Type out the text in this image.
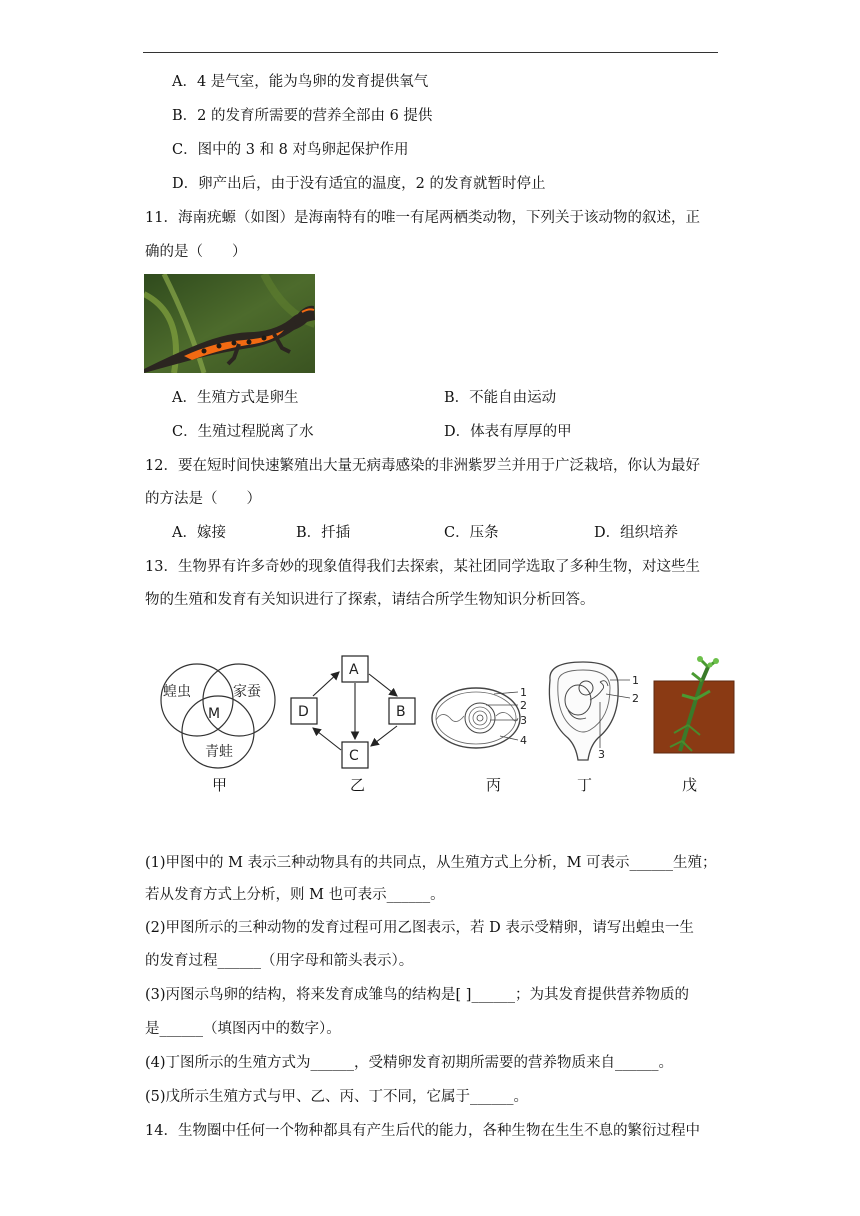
A．4 是气室，能为鸟卵的发育提供氧气
B．2 的发育所需要的营养全部由 6 提供
C．图中的 3 和 8 对鸟卵起保护作用
D．卵产出后，由于没有适宜的温度，2 的发育就暂时停止
11．海南疣螈（如图）是海南特有的唯一有尾两栖类动物，下列关于该动物的叙述，正
确的是（　　）
A．生殖方式是卵生	B．不能自由运动
C．生殖过程脱离了水	D．体表有厚厚的甲
12．要在短时间快速繁殖出大量无病毒感染的非洲紫罗兰并用于广泛栽培，你认为最好
的方法是（　　）
A．嫁接	B．扦插	C．压条	D．组织培养
13．生物界有许多奇妙的现象值得我们去探索，某社团同学选取了多种生物，对这些生
物的生殖和发育有关知识进行了探索，请结合所学生物知识分析回答。
蝗虫	家蚕
青蛙
M
甲
A
B
C
D
乙
1
2
3
4
丙
1
2
3
丁	戊
(1)甲图中的 M 表示三种动物具有的共同点，从生殖方式上分析，M 可表示______生殖；
若从发育方式上分析，则 M 也可表示______。
(2)甲图所示的三种动物的发育过程可用乙图表示，若 D 表示受精卵，请写出蝗虫一生
的发育过程______（用字母和箭头表示）。
(3)丙图示鸟卵的结构，将来发育成雏鸟的结构是[ ]______；为其发育提供营养物质的
是______（填图丙中的数字）。
(4)丁图所示的生殖方式为______，受精卵发育初期所需要的营养物质来自______。
(5)戊所示生殖方式与甲、乙、丙、丁不同，它属于______。
14．生物圈中任何一个物种都具有产生后代的能力，各种生物在生生不息的繁衍过程中
